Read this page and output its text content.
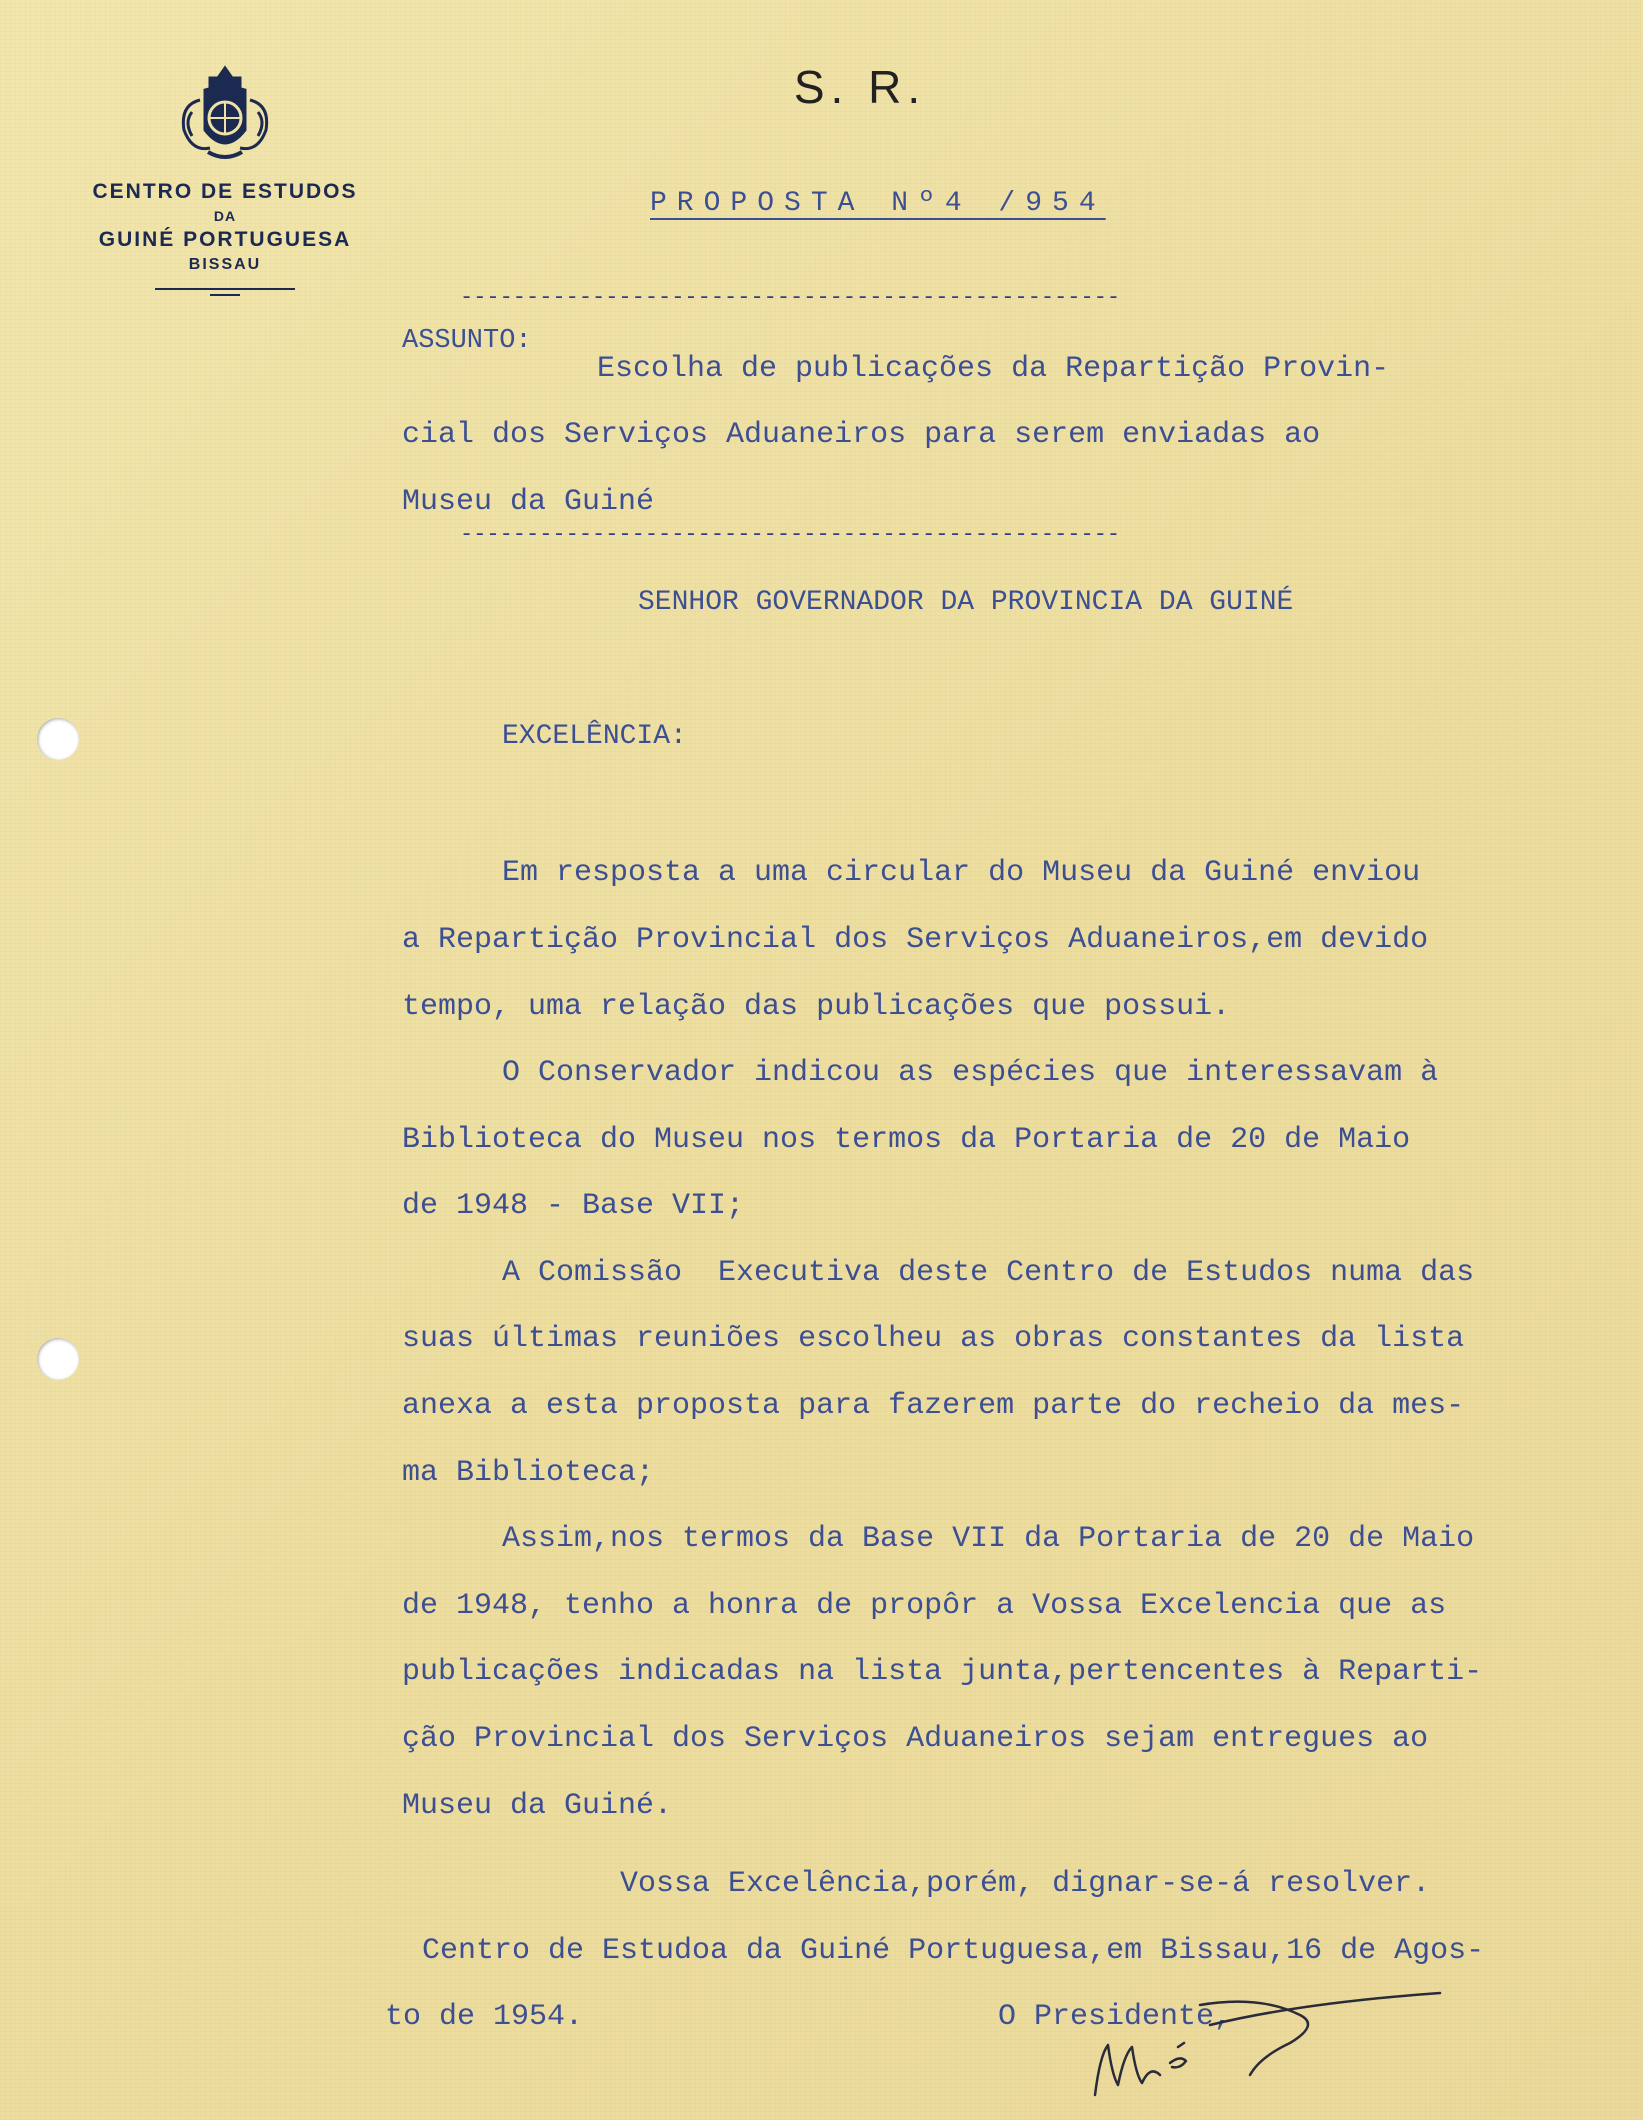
CENTRO DE ESTUDOS
DA
GUINÉ PORTUGUESA
BISSAU
S. R.
PROPOSTA Nº4 /954
--------------------------------------------------
ASSUNTO:
Escolha de publicações da Repartição Provin-
cial dos Serviços Aduaneiros para serem enviadas ao
Museu da Guiné
--------------------------------------------------
SENHOR GOVERNADOR DA PROVINCIA DA GUINÉ
EXCELÊNCIA:
Em resposta a uma circular do Museu da Guiné enviou
a Repartição Provincial dos Serviços Aduaneiros,em devido
tempo, uma relação das publicações que possui.
O Conservador indicou as espécies que interessavam à
Biblioteca do Museu nos termos da Portaria de 20 de Maio
de 1948 - Base VII;
A Comissão  Executiva deste Centro de Estudos numa das
suas últimas reuniões escolheu as obras constantes da lista
anexa a esta proposta para fazerem parte do recheio da mes-
ma Biblioteca;
Assim,nos termos da Base VII da Portaria de 20 de Maio
de 1948, tenho a honra de propôr a Vossa Excelencia que as
publicações indicadas na lista junta,pertencentes à Reparti-
ção Provincial dos Serviços Aduaneiros sejam entregues ao
Museu da Guiné.
Vossa Excelência,porém, dignar-se-á resolver.
Centro de Estudoa da Guiné Portuguesa,em Bissau,16 de Agos-
to de 1954.	O Presidente,
